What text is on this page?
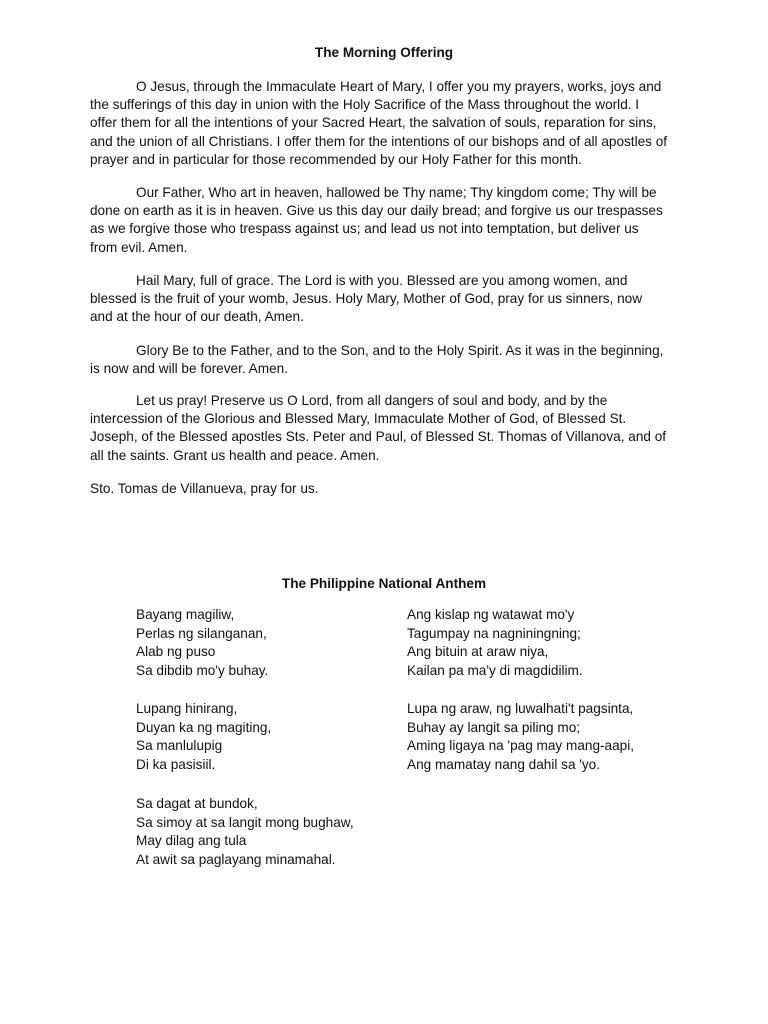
The Morning Offering

O Jesus, through the Immaculate Heart of Mary, I offer you my prayers, works, joys and
the sufferings of this day in union with the Holy Sacrifice of the Mass throughout the world. I
offer them for all the intentions of your Sacred Heart, the salvation of souls, reparation for sins,
and the union of all Christians. I offer them for the intentions of our bishops and of all apostles of
prayer and in particular for those recommended by our Holy Father for this month.

Our Father, Who art in heaven, hallowed be Thy name; Thy kingdom come; Thy will be
done on earth as it is in heaven. Give us this day our daily bread; and forgive us our trespasses
as we forgive those who trespass against us; and lead us not into temptation, but deliver us
from evil. Amen.

Hail Mary, full of grace. The Lord is with you. Blessed are you among women, and
blessed is the fruit of your womb, Jesus. Holy Mary, Mother of God, pray for us sinners, now
and at the hour of our death, Amen.

Glory Be to the Father, and to the Son, and to the Holy Spirit. As it was in the beginning,
is now and will be forever. Amen.

Let us pray! Preserve us O Lord, from all dangers of soul and body, and by the
intercession of the Glorious and Blessed Mary, Immaculate Mother of God, of Blessed St.
Joseph, of the Blessed apostles Sts. Peter and Paul, of Blessed St. Thomas of Villanova, and of
all the saints. Grant us health and peace. Amen.

Sto. Tomas de Villanueva, pray for us.

The Philippine National Anthem

Bayang magiliw,
Perlas ng silanganan,
Alab ng puso
Sa dibdib mo'y buhay.

Lupang hinirang,
Duyan ka ng magiting,
Sa manlulupig
Di ka pasisiil.

Sa dagat at bundok,
Sa simoy at sa langit mong bughaw,
May dilag ang tula
At awit sa paglayang minamahal.

Ang kislap ng watawat mo'y
Tagumpay na nagniningning;
Ang bituin at araw niya,
Kailan pa ma'y di magdidilim.

Lupa ng araw, ng luwalhati't pagsinta,
Buhay ay langit sa piling mo;
Aming ligaya na 'pag may mang-aapi,
Ang mamatay nang dahil sa 'yo.
